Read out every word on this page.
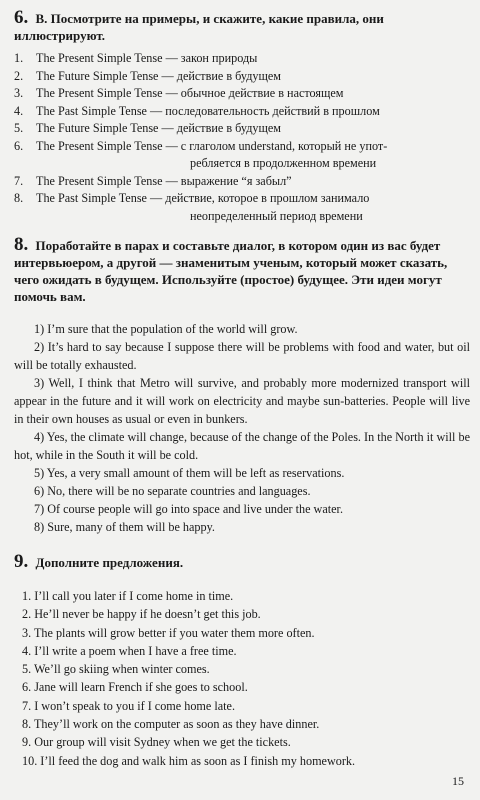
6. В. Посмотрите на примеры, и скажите, какие правила, они иллюстрируют.
1.	The Present Simple Tense — закон природы
2.	The Future Simple Tense — действие в будущем
3.	The Present Simple Tense — обычное действие в настоящем
4.	The Past Simple Tense — последовательность действий в прошлом
5.	The Future Simple Tense — действие в будущем
6.	The Present Simple Tense — с глаголом understand, который не упот-
ребляется в продолженном времени
7.	The Present Simple Tense — выражение “я забыл”
8.	The Past Simple Tense — действие, которое в прошлом занимало
неопределенный период времени
8. Поработайте в парах и составьте диалог, в котором один из вас будет интервьюером, а другой — знаменитым ученым, который может сказать, чего ожидать в будущем. Используйте (простое) будущее. Эти идеи могут помочь вам.

1) I’m sure that the population of the world will grow.

2) It’s hard to say because I suppose there will be problems with food and water, but oil will be totally exhausted.

3) Well, I think that Metro will survive, and probably more modernized transport will appear in the future and it will work on electricity and maybe sun-batteries. People will live in their own houses as usual or even in bunkers.

4) Yes, the climate will change, because of the change of the Poles. In the North it will be hot, while in the South it will be cold.

5) Yes, a very small amount of them will be left as reservations.

6) No, there will be no separate countries and languages.

7) Of course people will go into space and live under the water.

8) Sure, many of them will be happy.

9. Дополните предложения.

1. I’ll call you later if I come home in time.

2. He’ll never be happy if he doesn’t get this job.

3. The plants will grow better if you water them more often.

4. I’ll write a poem when I have a free time.

5. We’ll go skiing when winter comes.

6. Jane will learn French if she goes to school.

7. I won’t speak to you if I come home late.

8. They’ll work on the computer as soon as they have dinner.

9. Our group will visit Sydney when we get the tickets.

10. I’ll feed the dog and walk him as soon as I finish my homework.

15
